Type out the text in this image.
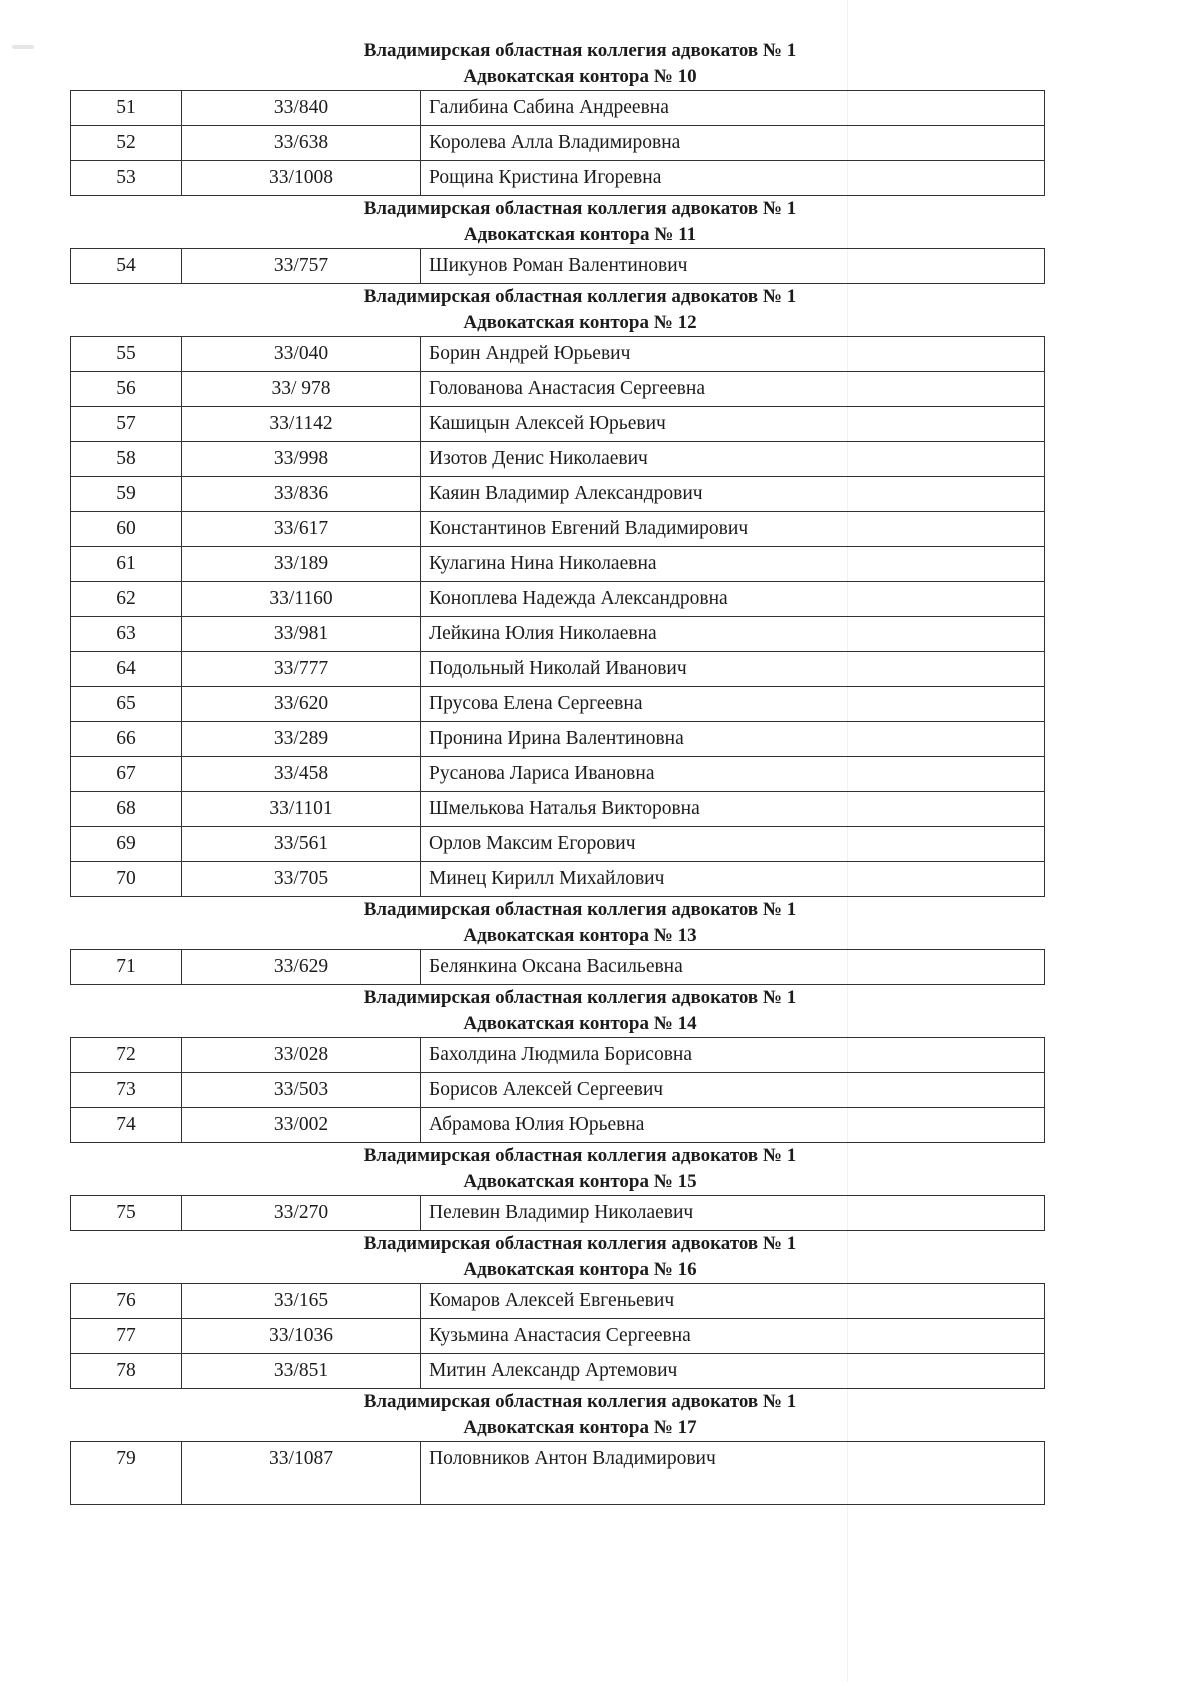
Владимирская областная коллегия адвокатов № 1
Адвокатская контора № 10
51	33/840	Галибина Сабина Андреевна
52	33/638	Королева Алла Владимировна
53	33/1008	Рощина Кристина Игоревна
Владимирская областная коллегия адвокатов № 1
Адвокатская контора № 11
54	33/757	Шикунов Роман Валентинович
Владимирская областная коллегия адвокатов № 1
Адвокатская контора № 12
55	33/040	Борин Андрей Юрьевич
56	33/ 978	Голованова Анастасия Сергеевна
57	33/1142	Кашицын Алексей Юрьевич
58	33/998	Изотов Денис Николаевич
59	33/836	Каяин Владимир Александрович
60	33/617	Константинов Евгений Владимирович
61	33/189	Кулагина Нина Николаевна
62	33/1160	Коноплева Надежда Александровна
63	33/981	Лейкина Юлия Николаевна
64	33/777	Подольный Николай Иванович
65	33/620	Прусова Елена Сергеевна
66	33/289	Пронина Ирина Валентиновна
67	33/458	Русанова Лариса Ивановна
68	33/1101	Шмелькова Наталья Викторовна
69	33/561	Орлов Максим Егорович
70	33/705	Минец Кирилл Михайлович
Владимирская областная коллегия адвокатов № 1
Адвокатская контора № 13
71	33/629	Белянкина Оксана Васильевна
Владимирская областная коллегия адвокатов № 1
Адвокатская контора № 14
72	33/028	Бахолдина Людмила Борисовна
73	33/503	Борисов Алексей Сергеевич
74	33/002	Абрамова Юлия Юрьевна
Владимирская областная коллегия адвокатов № 1
Адвокатская контора № 15
75	33/270	Пелевин Владимир Николаевич
Владимирская областная коллегия адвокатов № 1
Адвокатская контора № 16
76	33/165	Комаров Алексей Евгеньевич
77	33/1036	Кузьмина Анастасия Сергеевна
78	33/851	Митин Александр Артемович
Владимирская областная коллегия адвокатов № 1
Адвокатская контора № 17
79	33/1087	Половников Антон Владимирович
